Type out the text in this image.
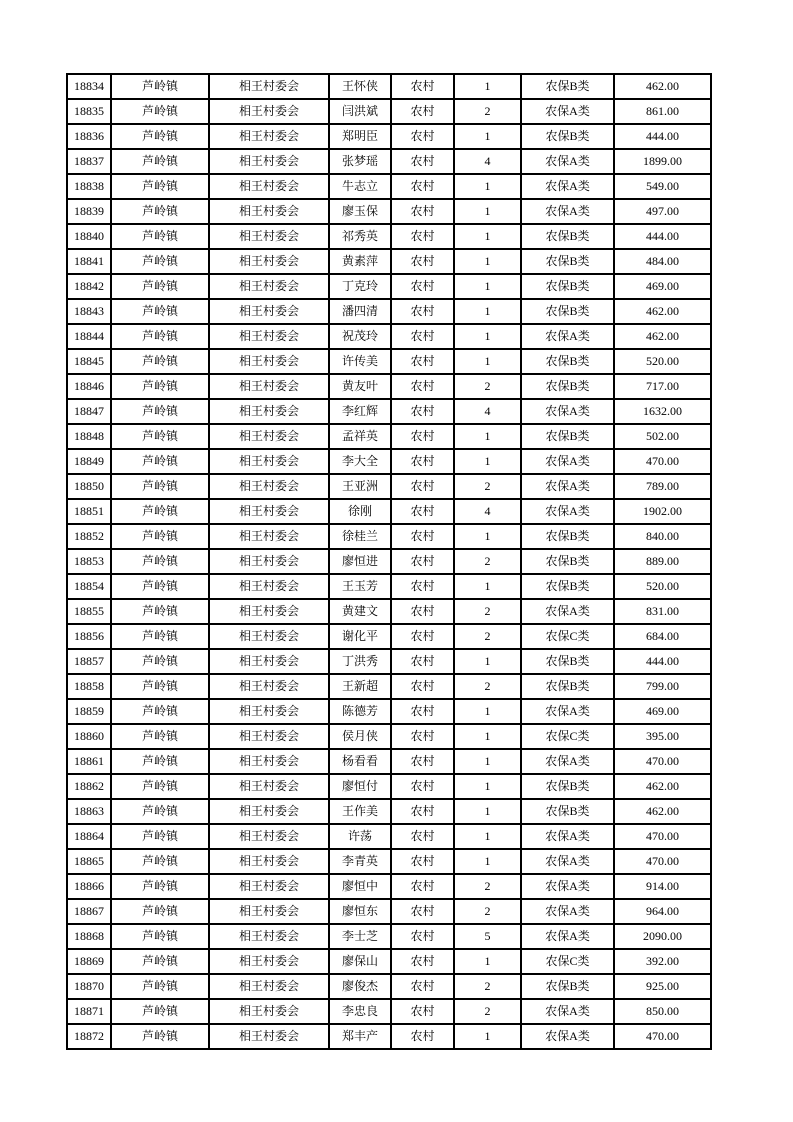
18834	芦岭镇	相王村委会	王怀侠	农村	1	农保B类	462.00
18835	芦岭镇	相王村委会	闫洪斌	农村	2	农保A类	861.00
18836	芦岭镇	相王村委会	郑明臣	农村	1	农保B类	444.00
18837	芦岭镇	相王村委会	张梦瑶	农村	4	农保A类	1899.00
18838	芦岭镇	相王村委会	牛志立	农村	1	农保A类	549.00
18839	芦岭镇	相王村委会	廖玉保	农村	1	农保A类	497.00
18840	芦岭镇	相王村委会	祁秀英	农村	1	农保B类	444.00
18841	芦岭镇	相王村委会	黄素萍	农村	1	农保B类	484.00
18842	芦岭镇	相王村委会	丁克玲	农村	1	农保B类	469.00
18843	芦岭镇	相王村委会	潘四清	农村	1	农保B类	462.00
18844	芦岭镇	相王村委会	祝茂玲	农村	1	农保A类	462.00
18845	芦岭镇	相王村委会	许传美	农村	1	农保B类	520.00
18846	芦岭镇	相王村委会	黄友叶	农村	2	农保B类	717.00
18847	芦岭镇	相王村委会	李红辉	农村	4	农保A类	1632.00
18848	芦岭镇	相王村委会	孟祥英	农村	1	农保B类	502.00
18849	芦岭镇	相王村委会	李大全	农村	1	农保A类	470.00
18850	芦岭镇	相王村委会	王亚洲	农村	2	农保A类	789.00
18851	芦岭镇	相王村委会	徐刚	农村	4	农保A类	1902.00
18852	芦岭镇	相王村委会	徐桂兰	农村	1	农保B类	840.00
18853	芦岭镇	相王村委会	廖恒进	农村	2	农保B类	889.00
18854	芦岭镇	相王村委会	王玉芳	农村	1	农保B类	520.00
18855	芦岭镇	相王村委会	黄建文	农村	2	农保A类	831.00
18856	芦岭镇	相王村委会	谢化平	农村	2	农保C类	684.00
18857	芦岭镇	相王村委会	丁洪秀	农村	1	农保B类	444.00
18858	芦岭镇	相王村委会	王新超	农村	2	农保B类	799.00
18859	芦岭镇	相王村委会	陈德芳	农村	1	农保A类	469.00
18860	芦岭镇	相王村委会	侯月侠	农村	1	农保C类	395.00
18861	芦岭镇	相王村委会	杨看看	农村	1	农保A类	470.00
18862	芦岭镇	相王村委会	廖恒付	农村	1	农保B类	462.00
18863	芦岭镇	相王村委会	王作美	农村	1	农保B类	462.00
18864	芦岭镇	相王村委会	许荡	农村	1	农保A类	470.00
18865	芦岭镇	相王村委会	李青英	农村	1	农保A类	470.00
18866	芦岭镇	相王村委会	廖恒中	农村	2	农保A类	914.00
18867	芦岭镇	相王村委会	廖恒东	农村	2	农保A类	964.00
18868	芦岭镇	相王村委会	李士芝	农村	5	农保A类	2090.00
18869	芦岭镇	相王村委会	廖保山	农村	1	农保C类	392.00
18870	芦岭镇	相王村委会	廖俊杰	农村	2	农保B类	925.00
18871	芦岭镇	相王村委会	李忠良	农村	2	农保A类	850.00
18872	芦岭镇	相王村委会	郑丰产	农村	1	农保A类	470.00
